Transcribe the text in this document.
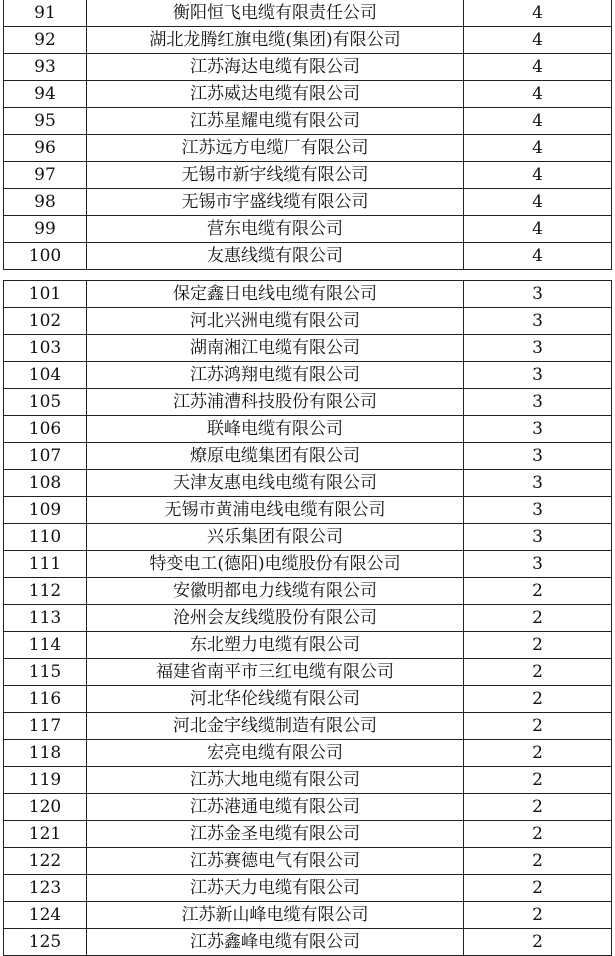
91	衡阳恒飞电缆有限责任公司	4
92	湖北龙腾红旗电缆(集团)有限公司	4
93	江苏海达电缆有限公司	4
94	江苏威达电缆有限公司	4
95	江苏星耀电缆有限公司	4
96	江苏远方电缆厂有限公司	4
97	无锡市新宇线缆有限公司	4
98	无锡市宇盛线缆有限公司	4
99	营东电缆有限公司	4
100	友惠线缆有限公司	4
101	保定鑫日电线电缆有限公司	3
102	河北兴洲电缆有限公司	3
103	湖南湘江电缆有限公司	3
104	江苏鸿翔电缆有限公司	3
105	江苏浦漕科技股份有限公司	3
106	联峰电缆有限公司	3
107	燎原电缆集团有限公司	3
108	天津友惠电线电缆有限公司	3
109	无锡市黄浦电线电缆有限公司	3
110	兴乐集团有限公司	3
111	特变电工(德阳)电缆股份有限公司	3
112	安徽明都电力线缆有限公司	2
113	沧州会友线缆股份有限公司	2
114	东北塑力电缆有限公司	2
115	福建省南平市三红电缆有限公司	2
116	河北华伦线缆有限公司	2
117	河北金宇线缆制造有限公司	2
118	宏亮电缆有限公司	2
119	江苏大地电缆有限公司	2
120	江苏港通电缆有限公司	2
121	江苏金圣电缆有限公司	2
122	江苏赛德电气有限公司	2
123	江苏天力电缆有限公司	2
124	江苏新山峰电缆有限公司	2
125	江苏鑫峰电缆有限公司	2
